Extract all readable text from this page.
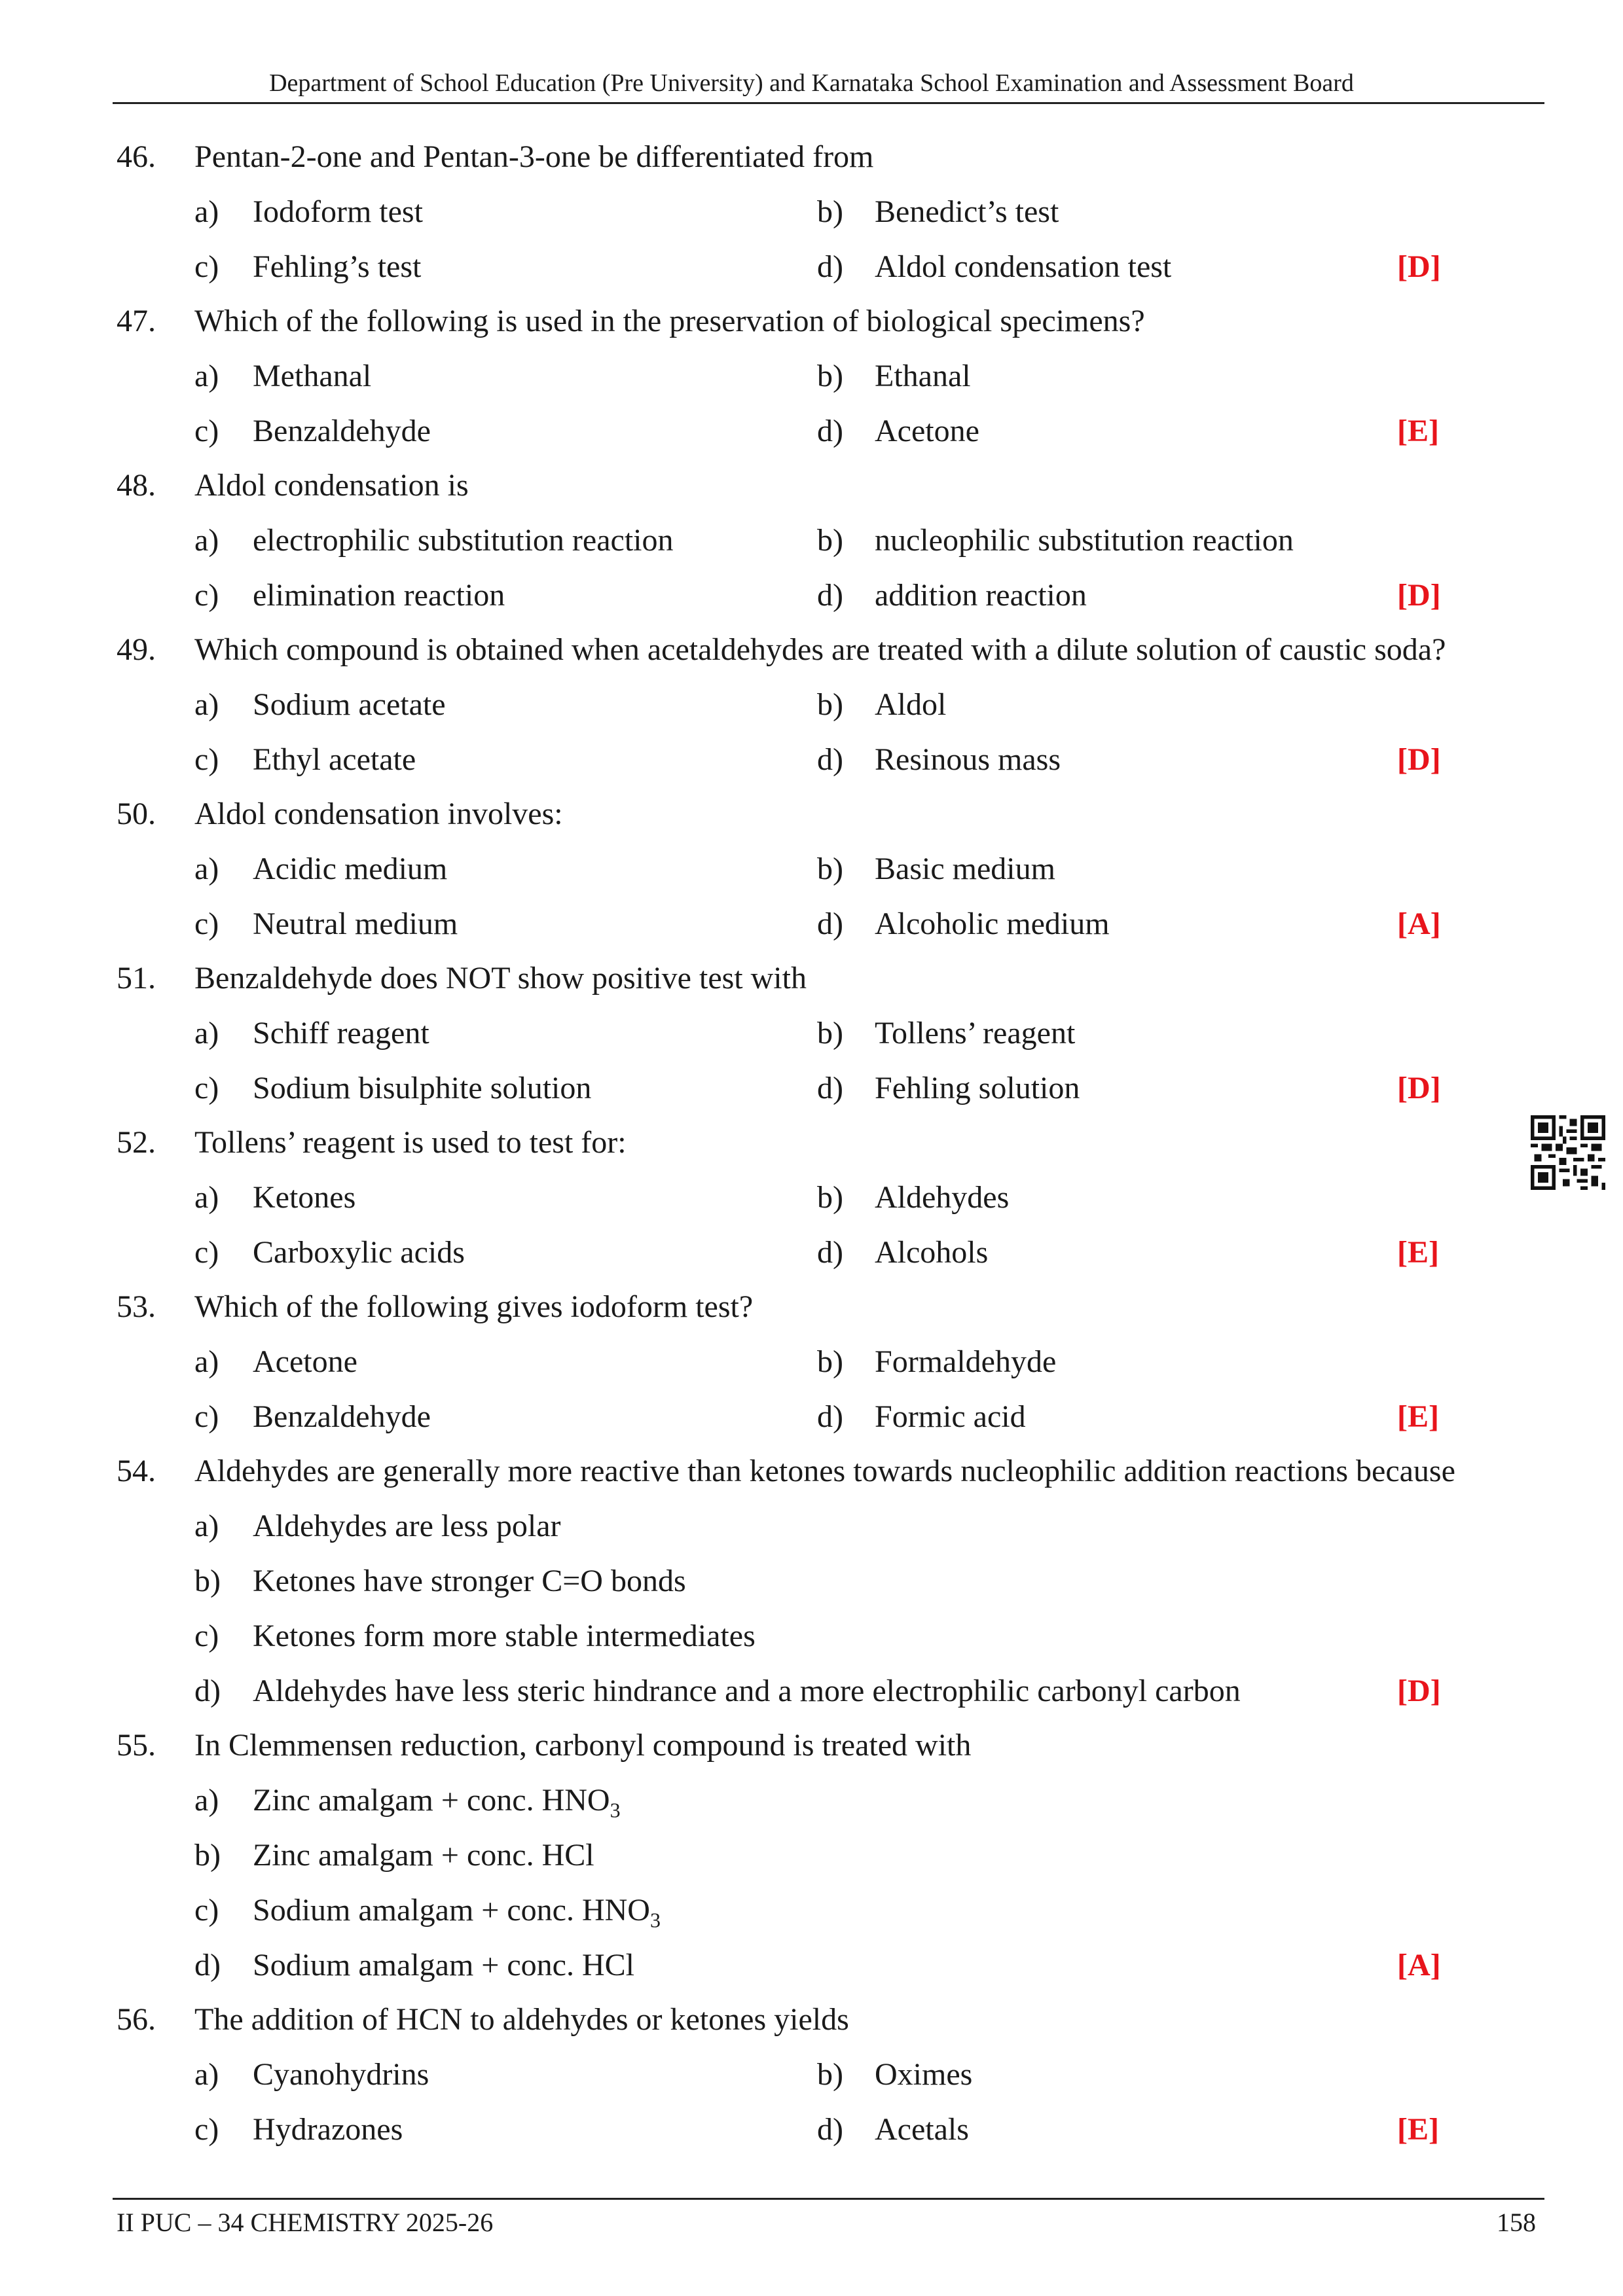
Department of School Education (Pre University) and Karnataka School Examination and Assessment Board
46. Pentan-2-one and Pentan-3-one be differentiated from
a) Iodoform test	b) Benedict’s test
c) Fehling’s test	d) Aldol condensation test	[D]
47. Which of the following is used in the preservation of biological specimens?
a) Methanal	b) Ethanal
c) Benzaldehyde	d) Acetone	[E]
48. Aldol condensation is
a) electrophilic substitution reaction	b) nucleophilic substitution reaction
c) elimination reaction	d) addition reaction	[D]
49. Which compound is obtained when acetaldehydes are treated with a dilute solution of caustic soda?
a) Sodium acetate	b) Aldol
c) Ethyl acetate	d) Resinous mass	[D]
50. Aldol condensation involves:
a) Acidic medium	b) Basic medium
c) Neutral medium	d) Alcoholic medium	[A]
51. Benzaldehyde does NOT show positive test with
a) Schiff reagent	b) Tollens’ reagent
c) Sodium bisulphite solution	d) Fehling solution	[D]
52. Tollens’ reagent is used to test for:
a) Ketones	b) Aldehydes
c) Carboxylic acids	d) Alcohols	[E]
53. Which of the following gives iodoform test?
a) Acetone	b) Formaldehyde
c) Benzaldehyde	d) Formic acid	[E]
54. Aldehydes are generally more reactive than ketones towards nucleophilic addition reactions because
a) Aldehydes are less polar
b) Ketones have stronger C=O bonds
c) Ketones form more stable intermediates
d) Aldehydes have less steric hindrance and a more electrophilic carbonyl carbon	[D]
55. In Clemmensen reduction, carbonyl compound is treated with
a) Zinc amalgam + conc. $HNO_3$
b) Zinc amalgam + conc. HCl
c) Sodium amalgam + conc. $HNO_3$
d) Sodium amalgam + conc. HCl	[A]
56. The addition of HCN to aldehydes or ketones yields
a) Cyanohydrins	b) Oximes
c) Hydrazones	d) Acetals	[E]
II PUC – 34 CHEMISTRY 2025-26	158
